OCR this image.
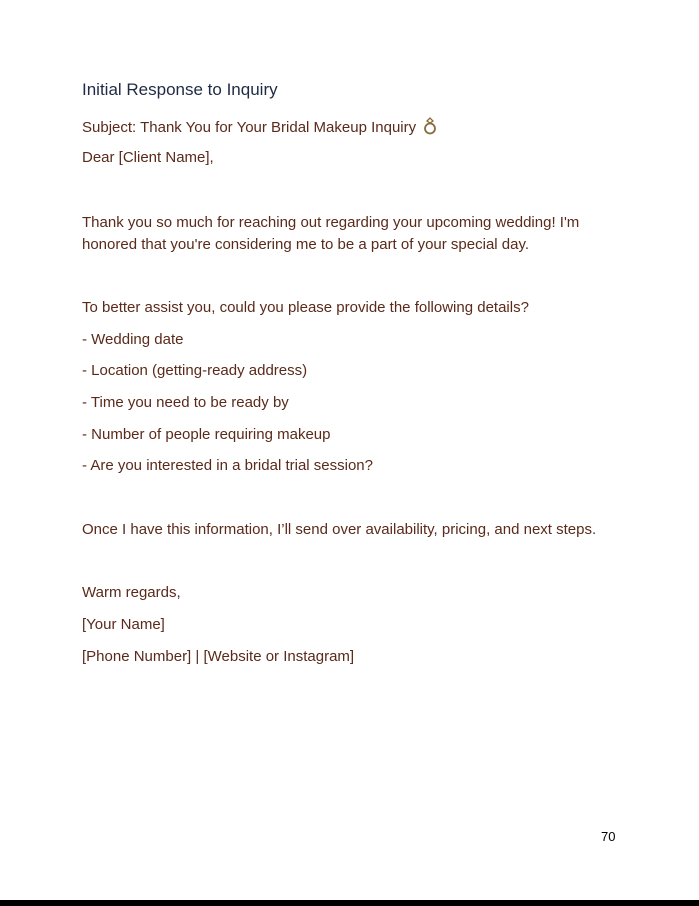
Initial Response to Inquiry
Subject: Thank You for Your Bridal Makeup Inquiry
Dear [Client Name],
Thank you so much for reaching out regarding your upcoming wedding! I'm honored that you're considering me to be a part of your special day.
To better assist you, could you please provide the following details?
- Wedding date
- Location (getting-ready address)
- Time you need to be ready by
- Number of people requiring makeup
- Are you interested in a bridal trial session?
Once I have this information, I’ll send over availability, pricing, and next steps.
Warm regards,
[Your Name]
[Phone Number] | [Website or Instagram]
70
